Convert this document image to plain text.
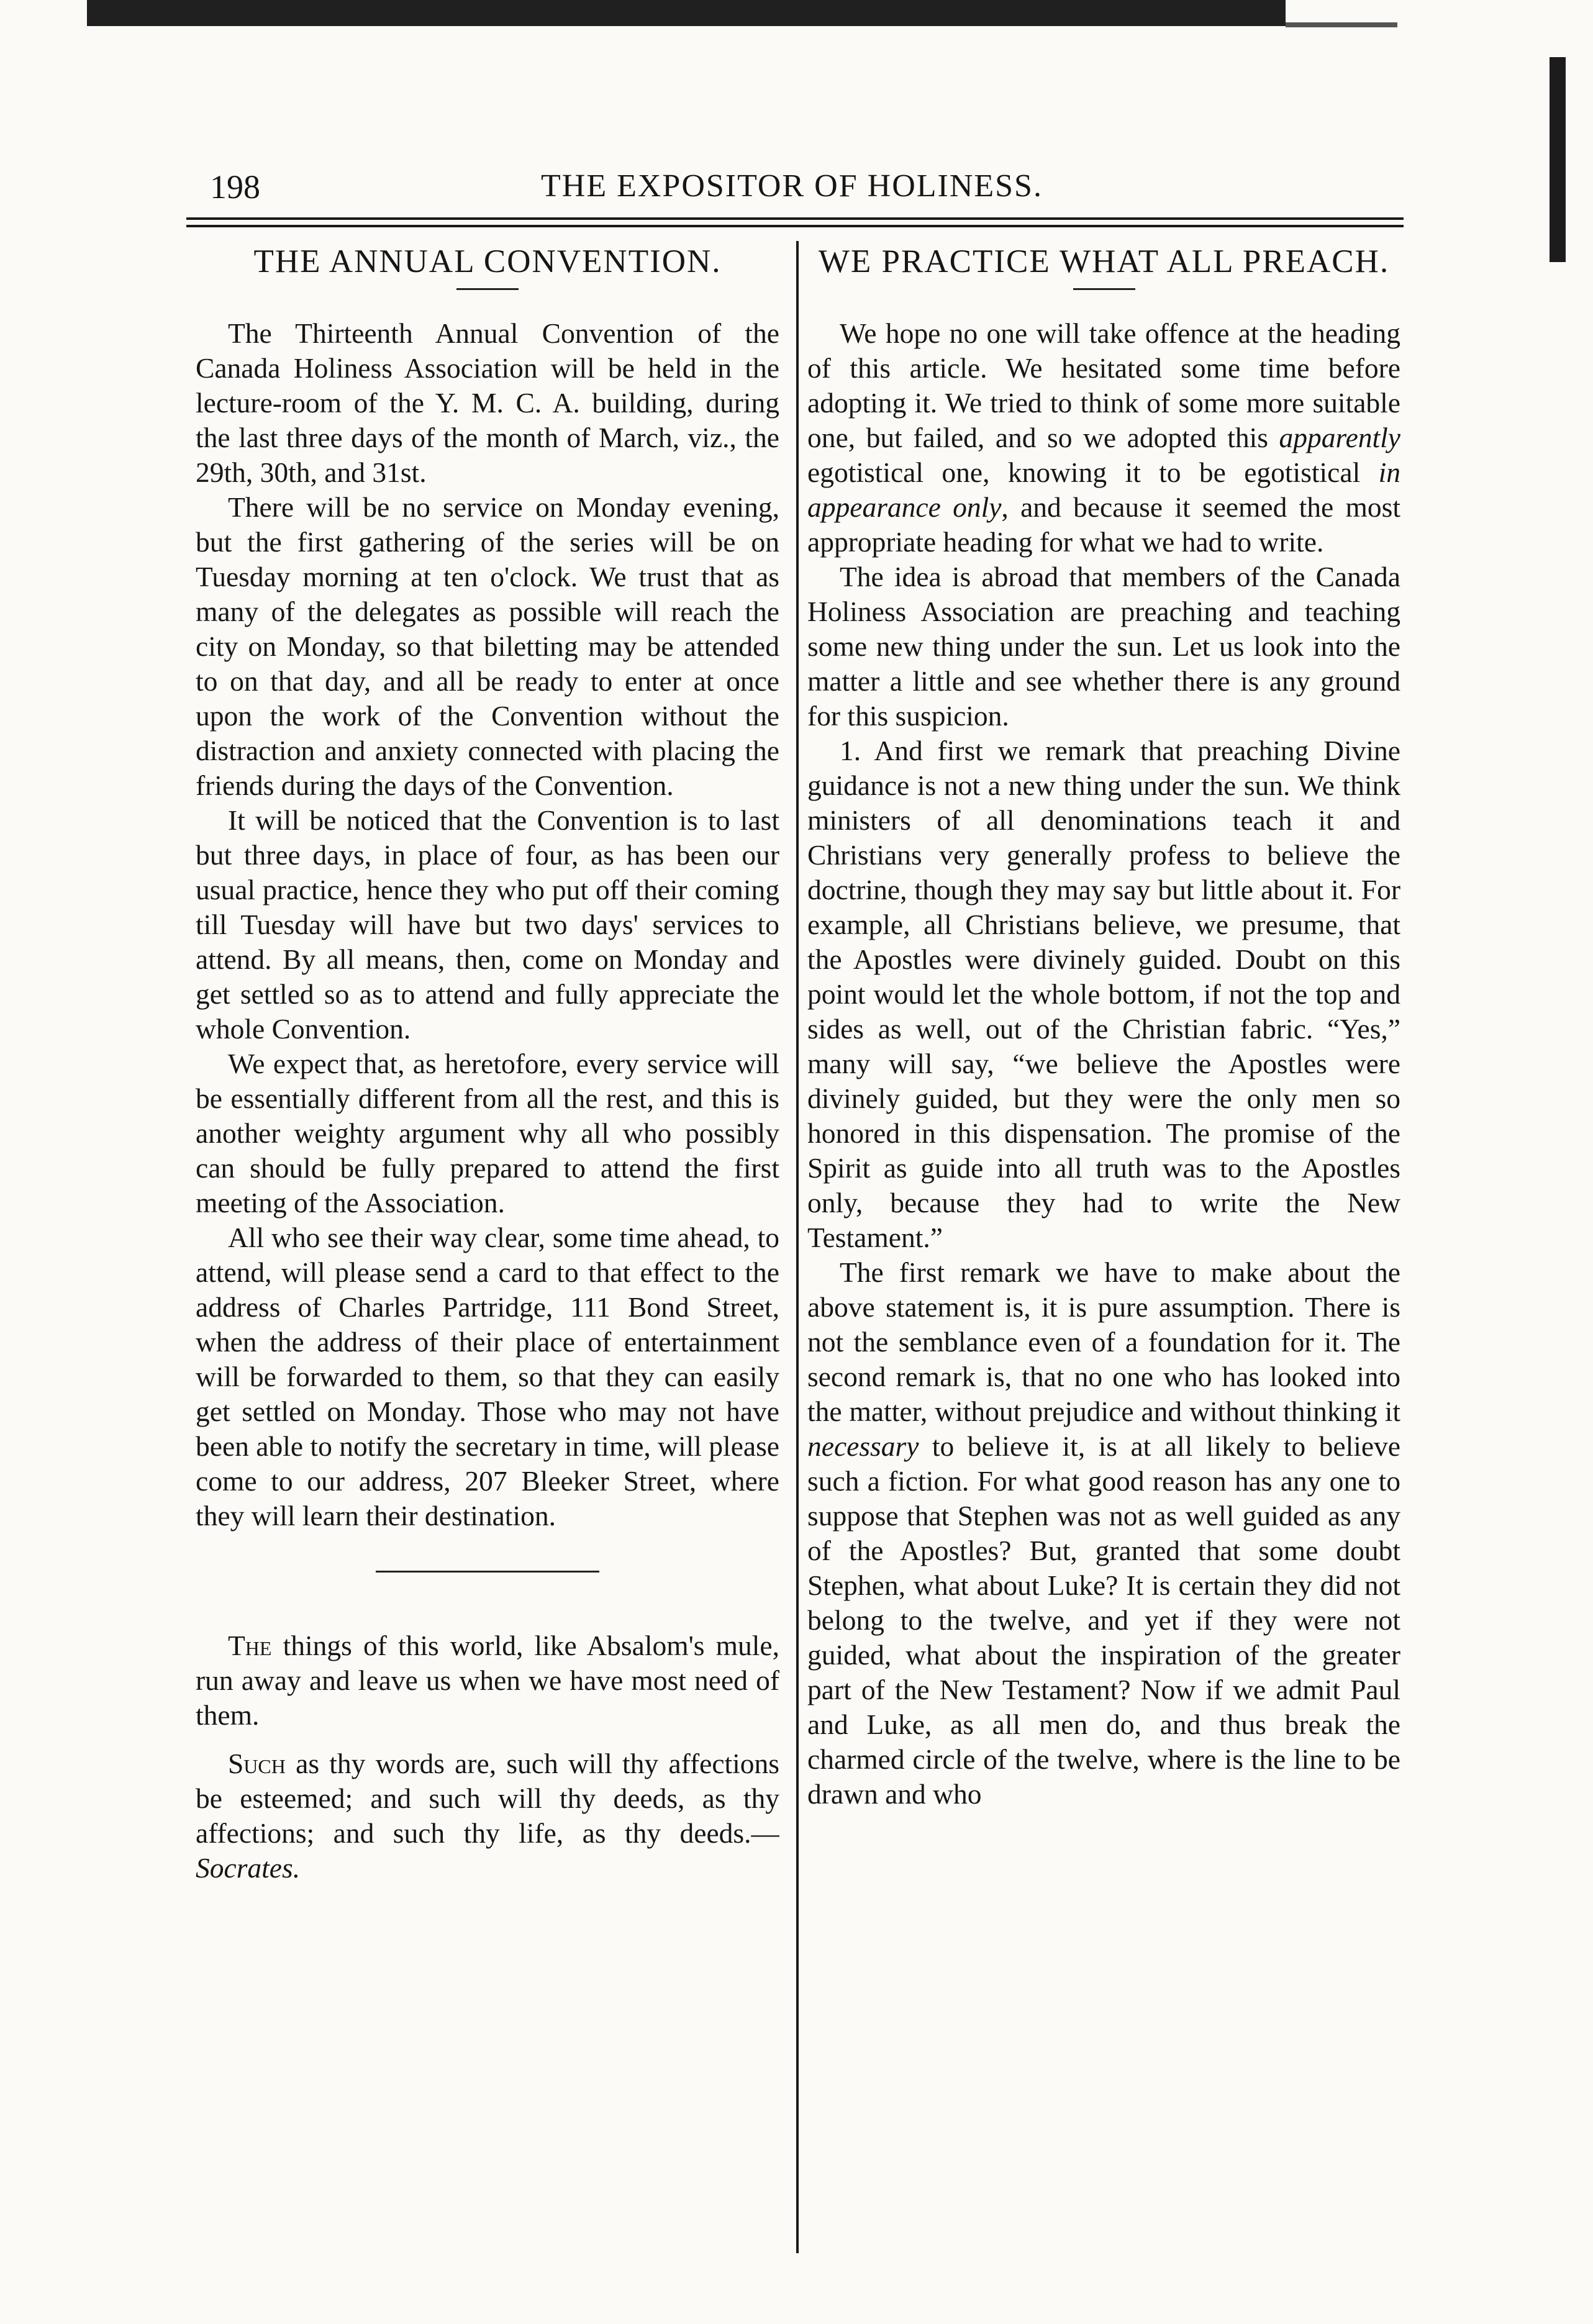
198	THE EXPOSITOR OF HOLINESS.
THE ANNUAL CONVENTION.

The Thirteenth Annual Convention of the Canada Holiness Association will be held in the lecture-room of the Y. M. C. A. building, during the last three days of the month of March, viz., the 29th, 30th, and 31st.

There will be no service on Monday evening, but the first gathering of the series will be on Tuesday morning at ten o'clock. We trust that as many of the delegates as possible will reach the city on Monday, so that biletting may be attended to on that day, and all be ready to enter at once upon the work of the Convention without the distraction and anxiety connected with placing the friends during the days of the Convention.

It will be noticed that the Convention is to last but three days, in place of four, as has been our usual practice, hence they who put off their coming till Tuesday will have but two days' services to attend. By all means, then, come on Monday and get settled so as to attend and fully appreciate the whole Convention.

We expect that, as heretofore, every service will be essentially different from all the rest, and this is another weighty argument why all who possibly can should be fully prepared to attend the first meeting of the Association.

All who see their way clear, some time ahead, to attend, will please send a card to that effect to the address of Charles Partridge, 111 Bond Street, when the address of their place of entertainment will be forwarded to them, so that they can easily get settled on Monday. Those who may not have been able to notify the secretary in time, will please come to our address, 207 Bleeker Street, where they will learn their destination.

The things of this world, like Absalom's mule, run away and leave us when we have most need of them.

Such as thy words are, such will thy affections be esteemed; and such will thy deeds, as thy affections; and such thy life, as thy deeds.—Socrates.

WE PRACTICE WHAT ALL PREACH.

We hope no one will take offence at the heading of this article. We hesitated some time before adopting it. We tried to think of some more suitable one, but failed, and so we adopted this apparently egotistical one, knowing it to be egotistical in appearance only, and because it seemed the most appropriate heading for what we had to write.

The idea is abroad that members of the Canada Holiness Association are preaching and teaching some new thing under the sun. Let us look into the matter a little and see whether there is any ground for this suspicion.

1. And first we remark that preaching Divine guidance is not a new thing under the sun. We think ministers of all denominations teach it and Christians very generally profess to believe the doctrine, though they may say but little about it. For example, all Christians believe, we presume, that the Apostles were divinely guided. Doubt on this point would let the whole bottom, if not the top and sides as well, out of the Christian fabric. “Yes,” many will say, “we believe the Apostles were divinely guided, but they were the only men so honored in this dispensation. The promise of the Spirit as guide into all truth was to the Apostles only, because they had to write the New Testament.”

The first remark we have to make about the above statement is, it is pure assumption. There is not the semblance even of a foundation for it. The second remark is, that no one who has looked into the matter, without prejudice and without thinking it necessary to believe it, is at all likely to believe such a fiction. For what good reason has any one to suppose that Stephen was not as well guided as any of the Apostles? But, granted that some doubt Stephen, what about Luke? It is certain they did not belong to the twelve, and yet if they were not guided, what about the inspiration of the greater part of the New Testament? Now if we admit Paul and Luke, as all men do, and thus break the charmed circle of the twelve, where is the line to be drawn and who
